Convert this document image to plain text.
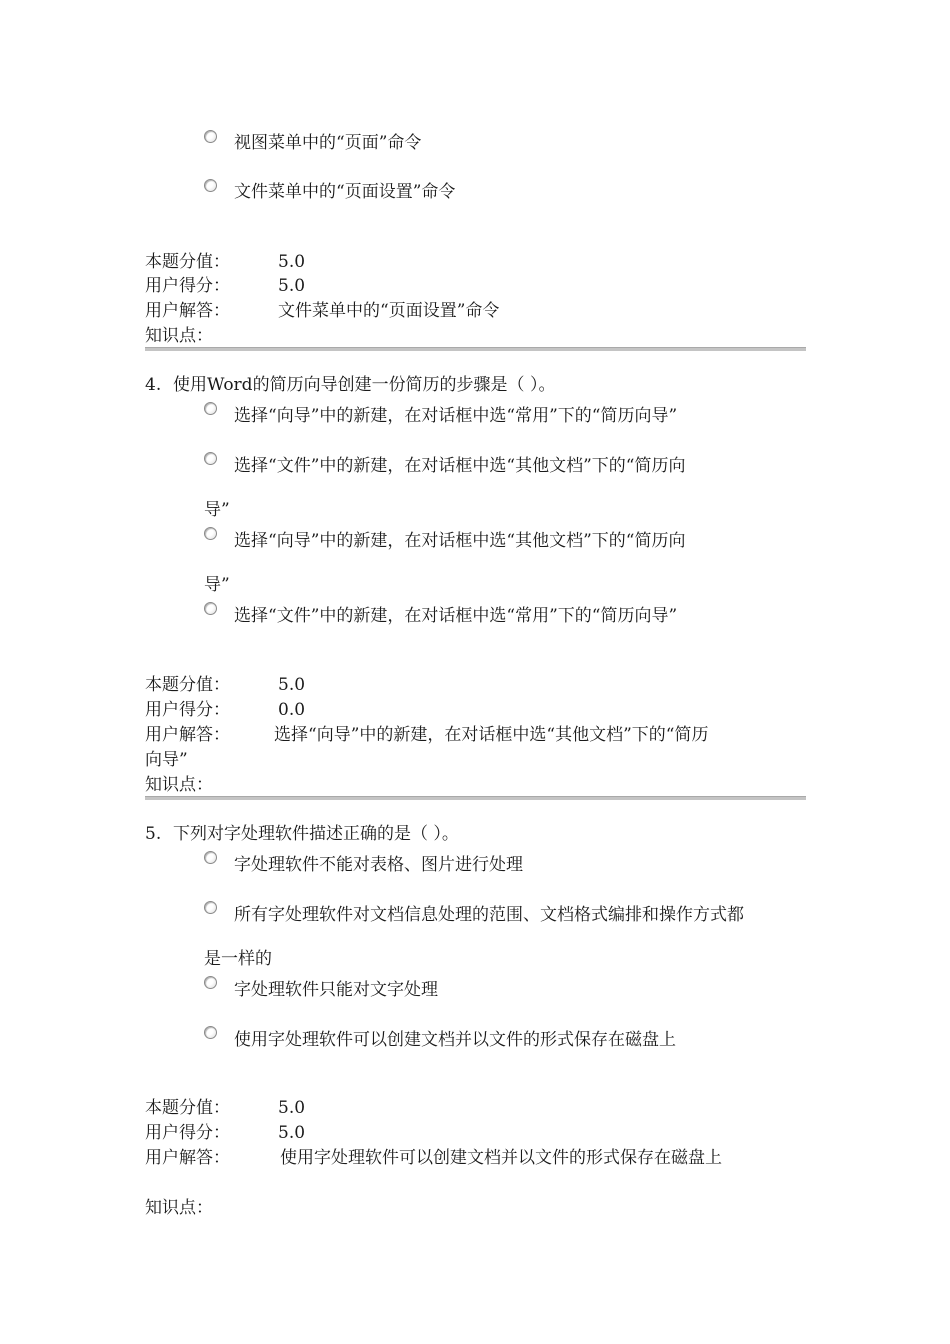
视图菜单中的“页面”命令
文件菜单中的“页面设置”命令
本题分值：	5.0
用户得分：	5.0
用户解答：	文件菜单中的“页面设置”命令
知识点：
4. 使用Word的简历向导创建一份简历的步骤是（ ）。
选择“向导”中的新建，在对话框中选“常用”下的“简历向导”
选择“文件”中的新建，在对话框中选“其他文档”下的“简历向
导”
选择“向导”中的新建，在对话框中选“其他文档”下的“简历向
导”
选择“文件”中的新建，在对话框中选“常用”下的“简历向导”
本题分值：	5.0
用户得分：	0.0
用户解答：	选择“向导”中的新建，在对话框中选“其他文档”下的“简历
向导”
知识点：
5. 下列对字处理软件描述正确的是（ ）。
字处理软件不能对表格、图片进行处理
所有字处理软件对文档信息处理的范围、文档格式编排和操作方式都
是一样的
字处理软件只能对文字处理
使用字处理软件可以创建文档并以文件的形式保存在磁盘上
本题分值：	5.0
用户得分：	5.0
用户解答：	使用字处理软件可以创建文档并以文件的形式保存在磁盘上
知识点：
